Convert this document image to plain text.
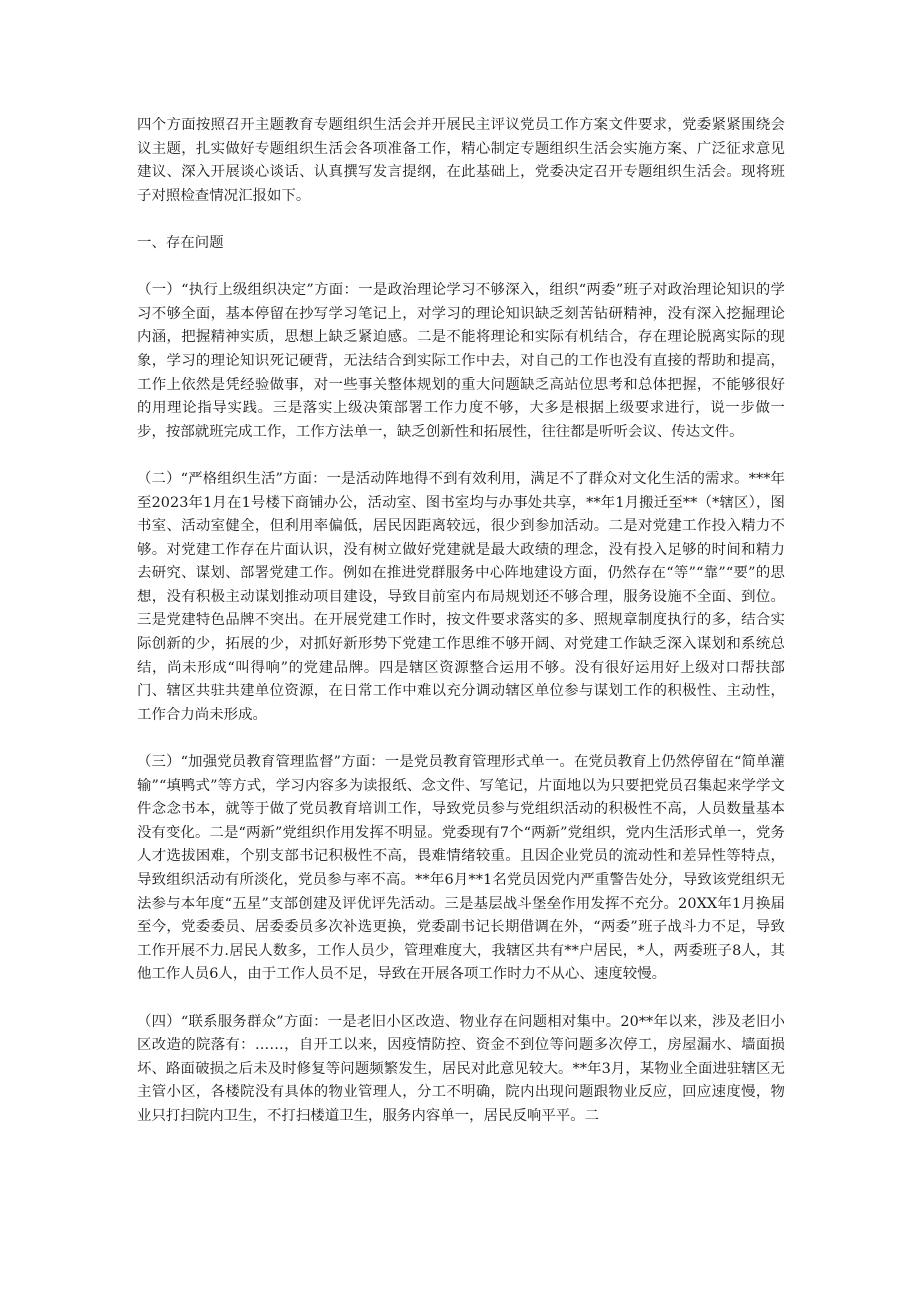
四个方面按照召开主题教育专题组织生活会并开展民主评议党员工作方案文件要求，党委紧紧围绕会议主题，扎实做好专题组织生活会各项准备工作，精心制定专题组织生活会实施方案、广泛征求意见建议、深入开展谈心谈话、认真撰写发言提纲，在此基础上，党委决定召开专题组织生活会。现将班子对照检查情况汇报如下。

一、存在问题

（一）“执行上级组织决定”方面：一是政治理论学习不够深入，组织“两委”班子对政治理论知识的学习不够全面，基本停留在抄写学习笔记上，对学习的理论知识缺乏刻苦钻研精神，没有深入挖掘理论内涵，把握精神实质，思想上缺乏紧迫感。二是不能将理论和实际有机结合，存在理论脱离实际的现象，学习的理论知识死记硬背，无法结合到实际工作中去，对自己的工作也没有直接的帮助和提高，工作上依然是凭经验做事，对一些事关整体规划的重大问题缺乏高站位思考和总体把握，不能够很好的用理论指导实践。三是落实上级决策部署工作力度不够，大多是根据上级要求进行，说一步做一步，按部就班完成工作，工作方法单一，缺乏创新性和拓展性，往往都是听听会议、传达文件。

（二）“严格组织生活”方面：一是活动阵地得不到有效利用，满足不了群众对文化生活的需求。***年至2023年1月在1号楼下商铺办公，活动室、图书室均与办事处共享，**年1月搬迁至**（*辖区），图书室、活动室健全，但利用率偏低，居民因距离较远，很少到参加活动。二是对党建工作投入精力不够。对党建工作存在片面认识，没有树立做好党建就是最大政绩的理念，没有投入足够的时间和精力去研究、谋划、部署党建工作。例如在推进党群服务中心阵地建设方面，仍然存在“等”“靠”“要”的思想，没有积极主动谋划推动项目建设，导致目前室内布局规划还不够合理，服务设施不全面、到位。三是党建特色品牌不突出。在开展党建工作时，按文件要求落实的多、照规章制度执行的多，结合实际创新的少，拓展的少，对抓好新形势下党建工作思维不够开阔、对党建工作缺乏深入谋划和系统总结，尚未形成“叫得响”的党建品牌。四是辖区资源整合运用不够。没有很好运用好上级对口帮扶部门、辖区共驻共建单位资源，在日常工作中难以充分调动辖区单位参与谋划工作的积极性、主动性，工作合力尚未形成。

（三）“加强党员教育管理监督”方面：一是党员教育管理形式单一。在党员教育上仍然停留在“简单灌输”“填鸭式”等方式，学习内容多为读报纸、念文件、写笔记，片面地以为只要把党员召集起来学学文件念念书本，就等于做了党员教育培训工作，导致党员参与党组织活动的积极性不高，人员数量基本没有变化。二是“两新”党组织作用发挥不明显。党委现有7个“两新”党组织，党内生活形式单一，党务人才选拔困难，个别支部书记积极性不高，畏难情绪较重。且因企业党员的流动性和差异性等特点，导致组织活动有所淡化，党员参与率不高。**年6月**1名党员因党内严重警告处分，导致该党组织无法参与本年度“五星”支部创建及评优评先活动。三是基层战斗堡垒作用发挥不充分。20XX年1月换届至今，党委委员、居委委员多次补选更换，党委副书记长期借调在外，“两委”班子战斗力不足，导致工作开展不力.居民人数多，工作人员少，管理难度大，我辖区共有**户居民，*人，两委班子8人，其他工作人员6人，由于工作人员不足，导致在开展各项工作时力不从心、速度较慢。

（四）“联系服务群众”方面：一是老旧小区改造、物业存在问题相对集中。20**年以来，涉及老旧小区改造的院落有：……，自开工以来，因疫情防控、资金不到位等问题多次停工，房屋漏水、墙面损坏、路面破损之后未及时修复等问题频繁发生，居民对此意见较大。**年3月，某物业全面进驻辖区无主管小区，各楼院没有具体的物业管理人，分工不明确，院内出现问题跟物业反应，回应速度慢，物业只打扫院内卫生，不打扫楼道卫生，服务内容单一，居民反响平平。二
